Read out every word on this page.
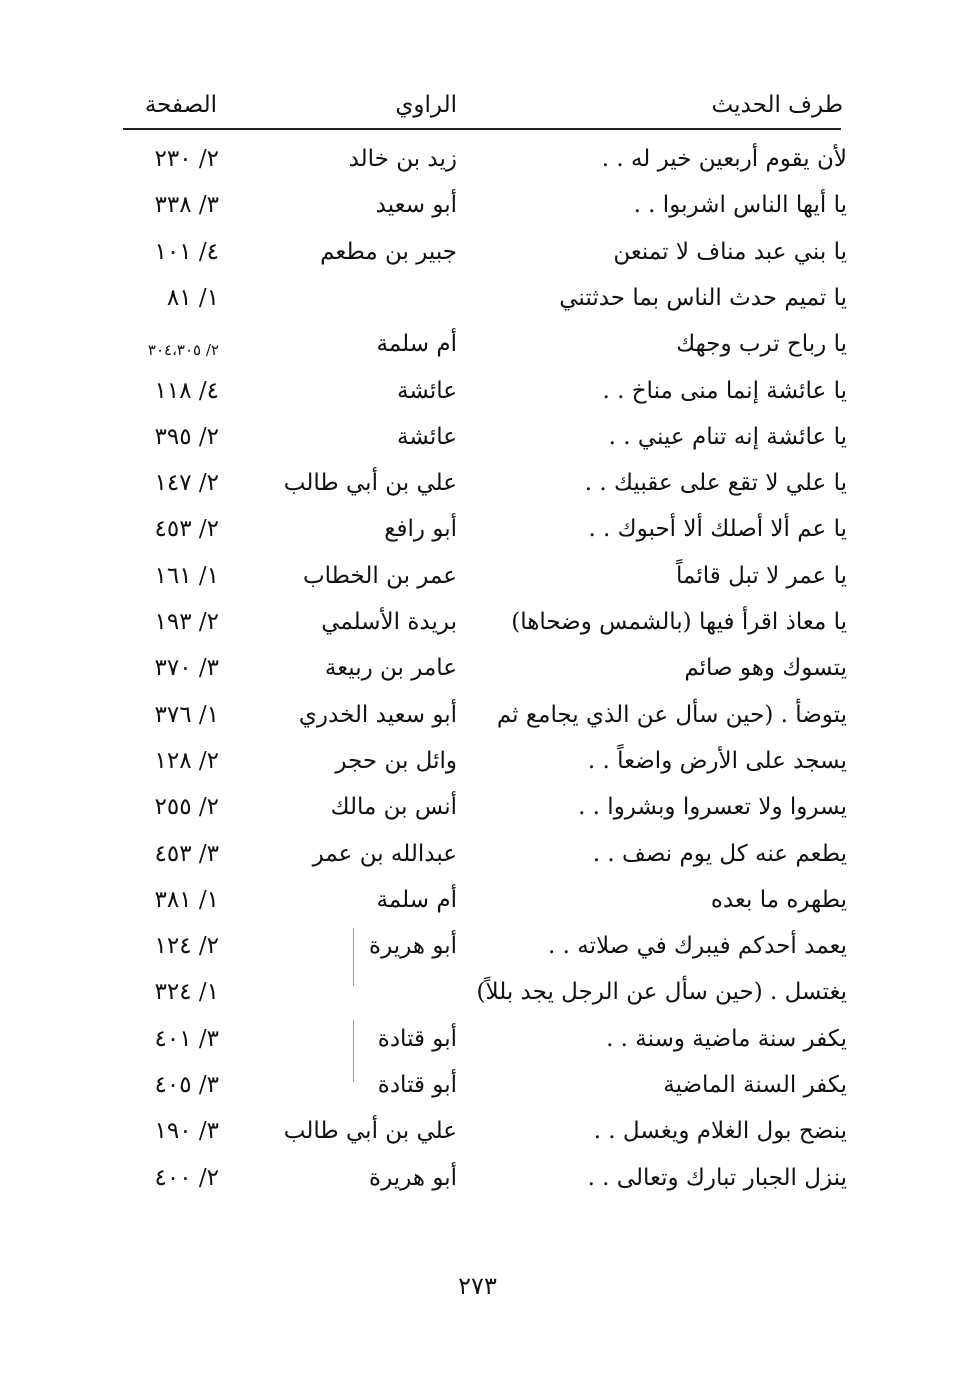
طرف الحديث
الراوي
الصفحة
لأن يقوم أربعين خير له . .
زيد بن خالد
٢/ ٢٣٠
يا أيها الناس اشربوا . .
أبو سعيد
٣/ ٣٣٨
يا بني عبد مناف لا تمنعن
جبير بن مطعم
٤/ ١٠١
يا تميم حدث الناس بما حدثتني
١/ ٨١
يا رباح ترب وجهك
أم سلمة
٢/ ٣٠٤،٣٠٥
يا عائشة إنما منى مناخ . .
عائشة
٤/ ١١٨
يا عائشة إنه تنام عيني . .
عائشة
٢/ ٣٩٥
يا علي لا تقع على عقبيك . .
علي بن أبي طالب
٢/ ١٤٧
يا عم ألا أصلك ألا أحبوك . .
أبو رافع
٢/ ٤٥٣
يا عمر لا تبل قائماً
عمر بن الخطاب
١/ ١٦١
يا معاذ اقرأ فيها (بالشمس وضحاها)
بريدة الأسلمي
٢/ ١٩٣
يتسوك وهو صائم
عامر بن ربيعة
٣/ ٣٧٠
يتوضأ . (حين سأل عن الذي يجامع ثم
أبو سعيد الخدري
١/ ٣٧٦
يسجد على الأرض واضعاً . .
وائل بن حجر
٢/ ١٢٨
يسروا ولا تعسروا وبشروا . .
أنس بن مالك
٢/ ٢٥٥
يطعم عنه كل يوم نصف . .
عبدالله بن عمر
٣/ ٤٥٣
يطهره ما بعده
أم سلمة
١/ ٣٨١
يعمد أحدكم فيبرك في صلاته . .
أبو هريرة
٢/ ١٢٤
يغتسل . (حين سأل عن الرجل يجد بللاً)
١/ ٣٢٤
يكفر سنة ماضية وسنة . .
أبو قتادة
٣/ ٤٠١
يكفر السنة الماضية
أبو قتادة
٣/ ٤٠٥
ينضح بول الغلام ويغسل . .
علي بن أبي طالب
٣/ ١٩٠
ينزل الجبار تبارك وتعالى . .
أبو هريرة
٢/ ٤٠٠
٢٧٣
